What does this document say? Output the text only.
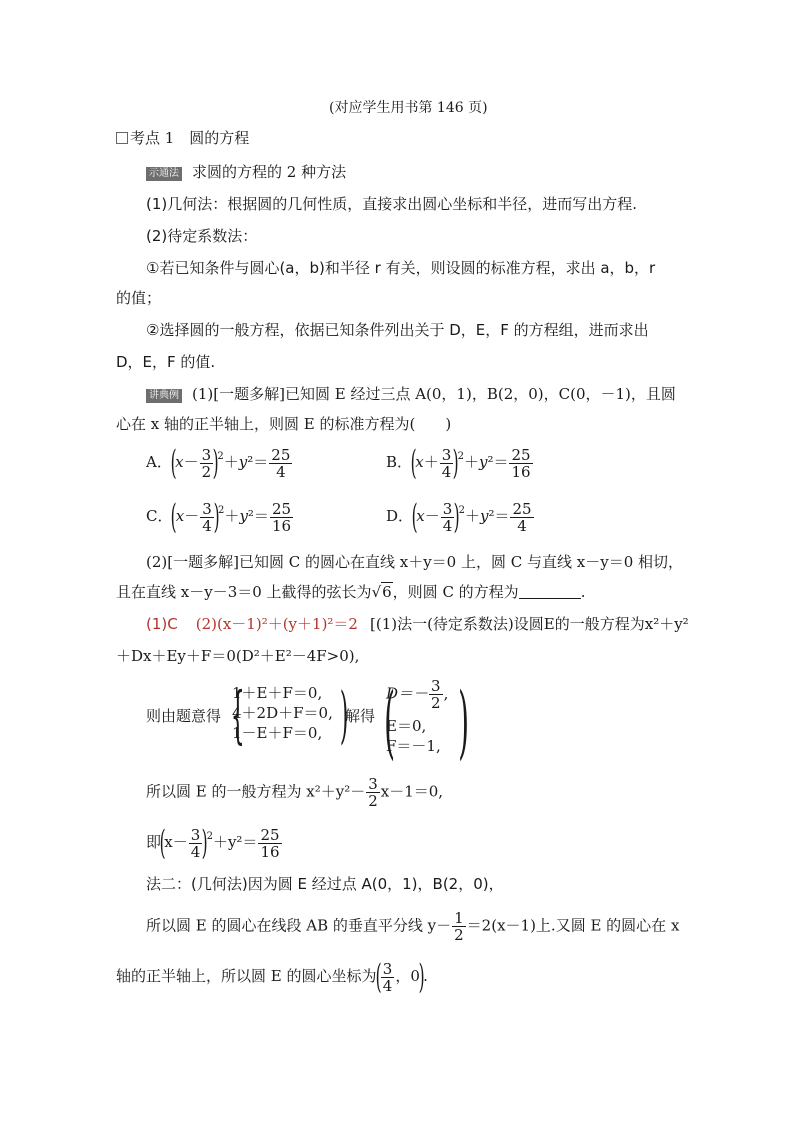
(对应学生用书第 146 页)
考点 1　圆的方程
示通法 求圆的方程的 2 种方法
(1)几何法：根据圆的几何性质，直接求出圆心坐标和半径，进而写出方程.
(2)待定系数法：
①若已知条件与圆心(a，b)和半径 r 有关，则设圆的标准方程，求出 a，b，r
的值；
②选择圆的一般方程，依据已知条件列出关于 D，E，F 的方程组，进而求出
D，E，F 的值.
讲典例 (1)[一题多解]已知圆 E 经过三点 A(0，1)，B(2，0)，C(0，－1)，且圆
心在 x 轴的正半轴上，则圆 E 的标准方程为(　　)
A．$(x- \frac{3}{2} )^2+y^2= \frac{25}{4}$	B．$(x+ \frac{3}{4} )^2+y^2= \frac{25}{16}$
C．$(x- \frac{3}{4} )^2+y^2= \frac{25}{16}$	D．$(x- \frac{3}{4} )^2+y^2= \frac{25}{4}$
(2)[一题多解]已知圆 C 的圆心在直线 x＋y＝0 上，圆 C 与直线 x－y＝0 相切，
且在直线 x－y－3＝0 上截得的弦长为√6，则圆 C 的方程为	.
(1)C (2)(x－1)²＋(y＋1)²＝2 [(1)法一(待定系数法)设圆E的一般方程为x²＋y²
＋Dx＋Ey＋F＝0(D²＋E²－4F>0),
则由题意得 {
1＋E＋F＝0,
4＋2D＋F＝0,
1－E＋F＝0, )
解得 (
$D=- \frac{3}{2}$ ,
E＝0,
F＝－1, )
所以圆 E 的一般方程为 $x^2+y^2- \frac{3}{2} x-1=0$,
即$(x- \frac{3}{4} )^2+y^2= \frac{25}{16}$
法二：(几何法)因为圆 E 经过点 A(0，1)，B(2，0)，
所以圆 E 的圆心在线段 AB 的垂直平分线 $y- \frac{1}{2} =2(x-1)$上.又圆 E 的圆心在 x
轴的正半轴上，所以圆 E 的圆心坐标为( $\frac{3}{4}$ ，0).
